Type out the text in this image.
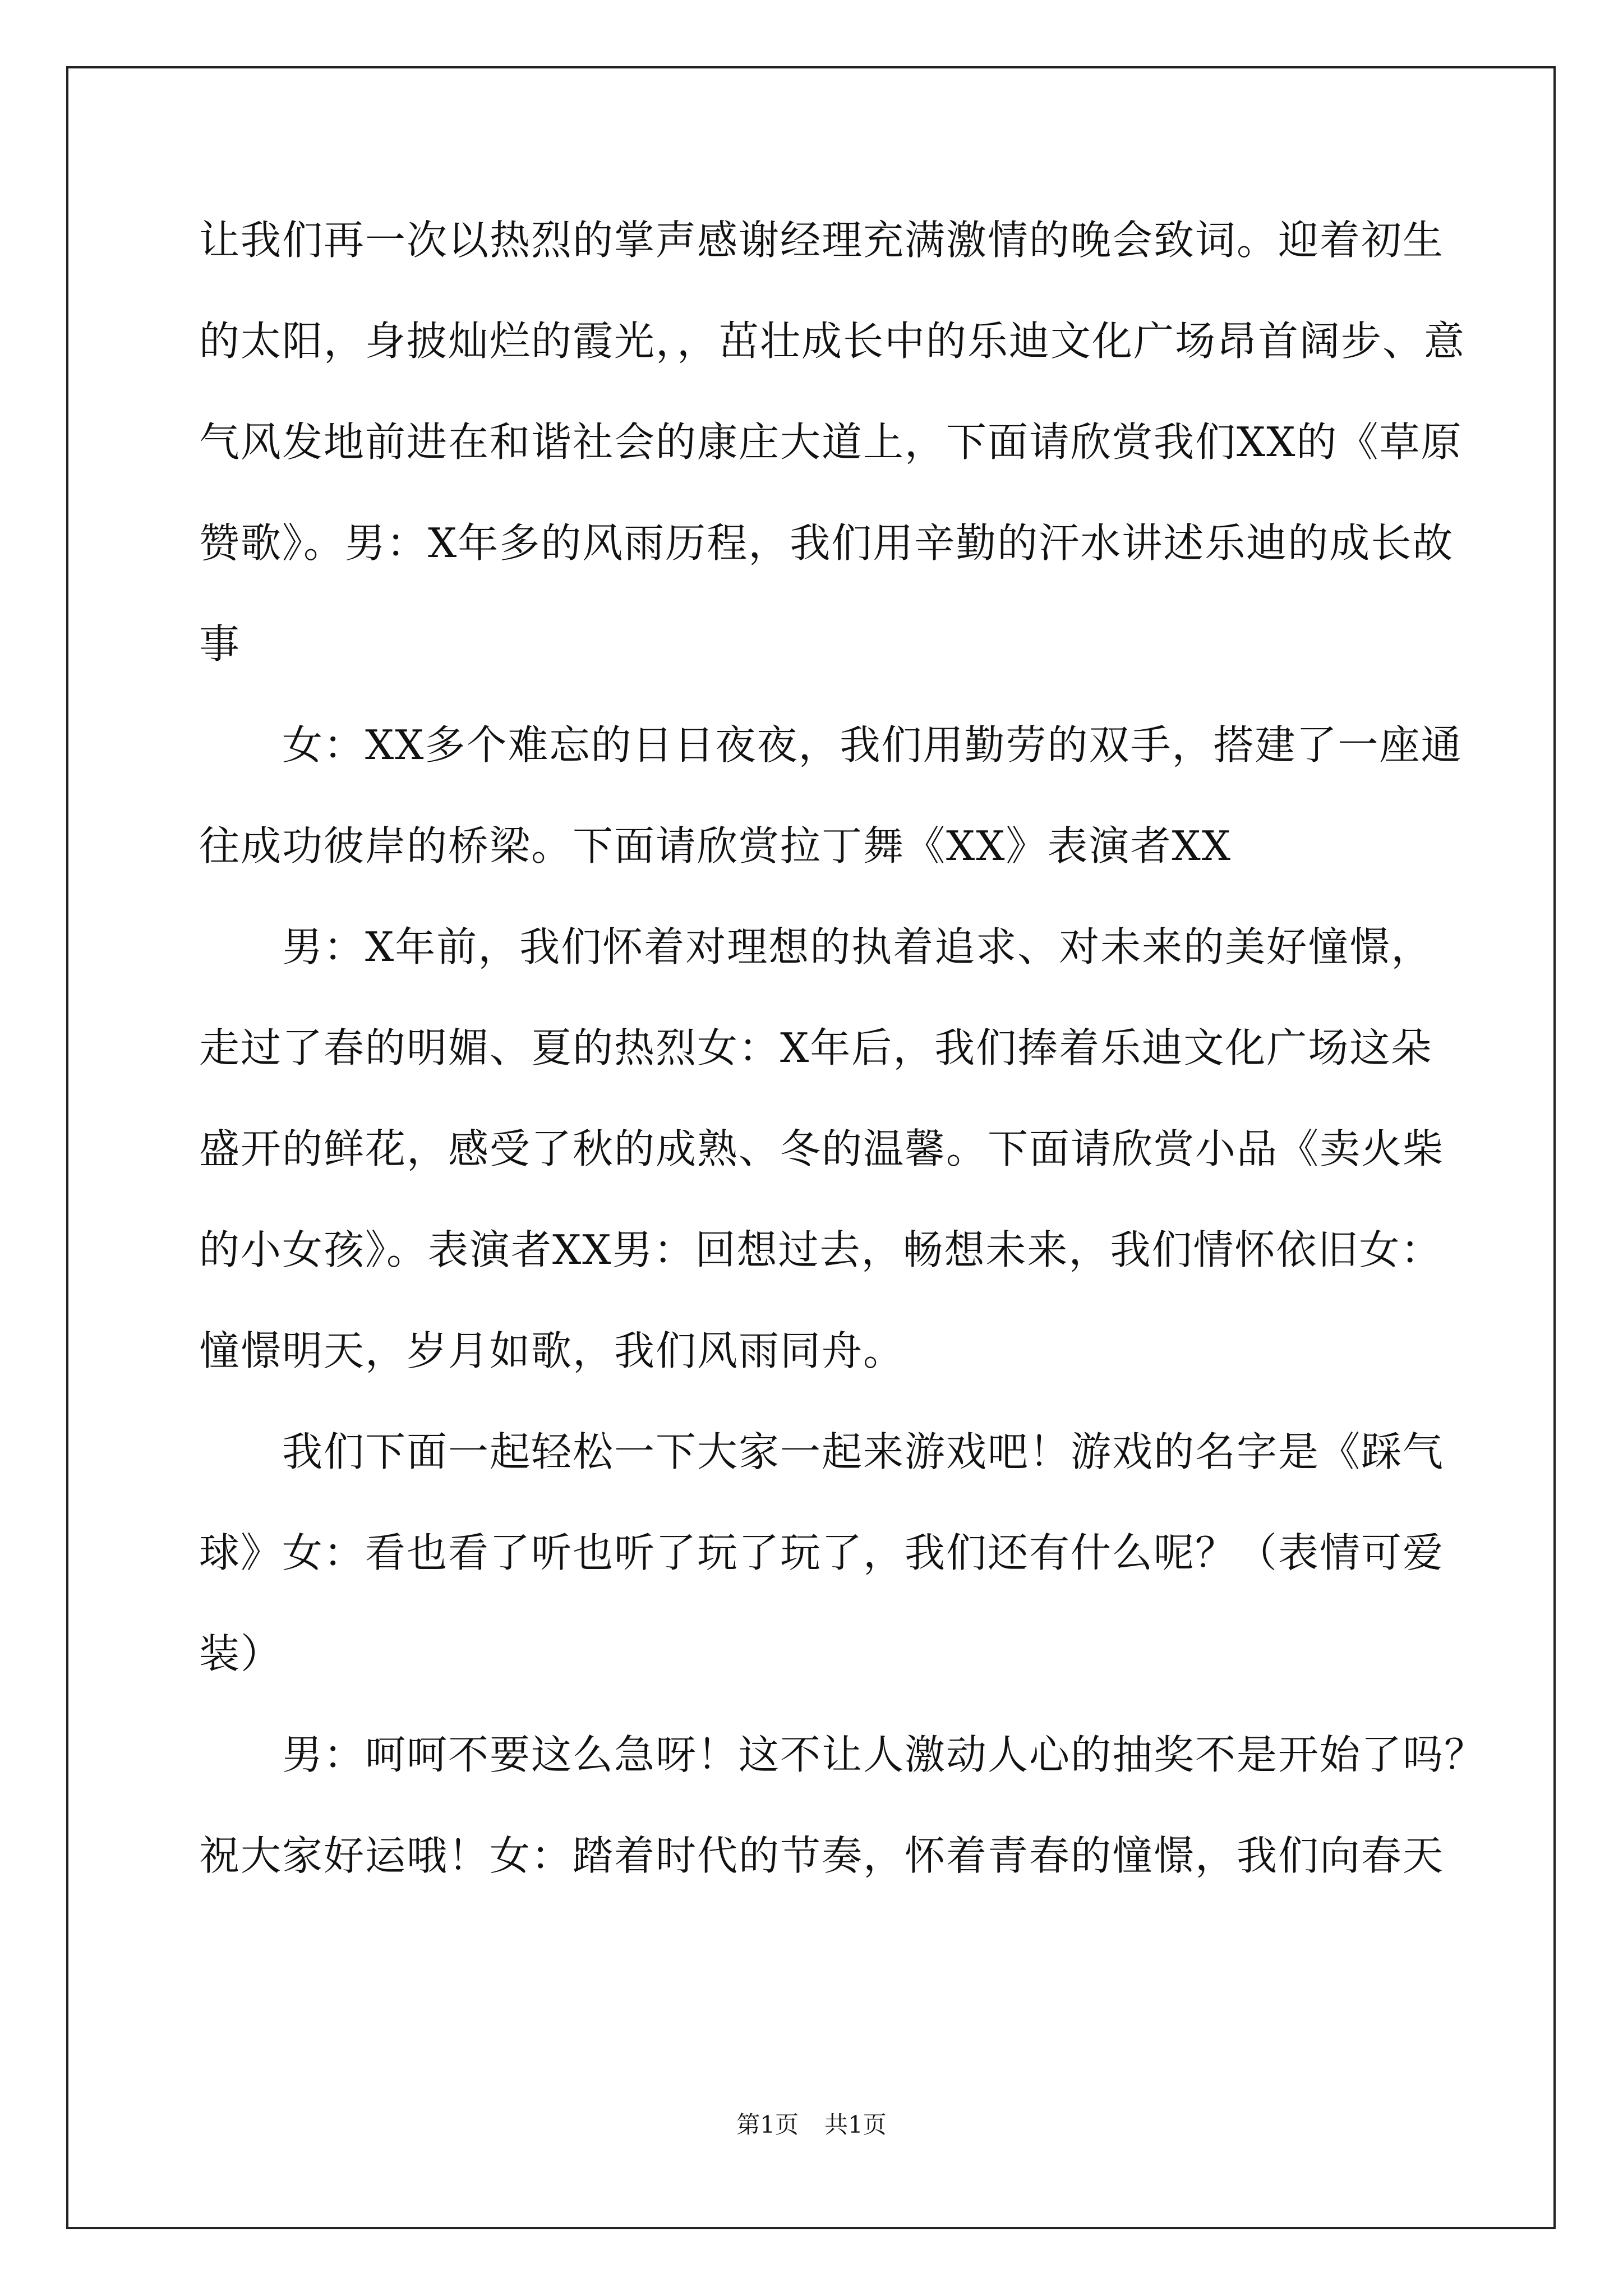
让我们再一次以热烈的掌声感谢经理充满激情的晚会致词。迎着初生
的太阳，身披灿烂的霞光，，茁壮成长中的乐迪文化广场昂首阔步、意
气风发地前进在和谐社会的康庄大道上，下面请欣赏我们XX的《草原
赞歌》。男：X年多的风雨历程，我们用辛勤的汗水讲述乐迪的成长故
事
　　女：XX多个难忘的日日夜夜，我们用勤劳的双手，搭建了一座通
往成功彼岸的桥梁。下面请欣赏拉丁舞《XX》表演者XX
　　男：X年前，我们怀着对理想的执着追求、对未来的美好憧憬，
走过了春的明媚、夏的热烈女：X年后，我们捧着乐迪文化广场这朵
盛开的鲜花，感受了秋的成熟、冬的温馨。下面请欣赏小品《卖火柴
的小女孩》。表演者XX男：回想过去，畅想未来，我们情怀依旧女：
憧憬明天，岁月如歌，我们风雨同舟。
　　我们下面一起轻松一下大家一起来游戏吧！游戏的名字是《踩气
球》女：看也看了听也听了玩了玩了，我们还有什么呢？（表情可爱
装）
　　男：呵呵不要这么急呀！这不让人激动人心的抽奖不是开始了吗？
祝大家好运哦！女：踏着时代的节奏，怀着青春的憧憬，我们向春天
第1页 共1页
